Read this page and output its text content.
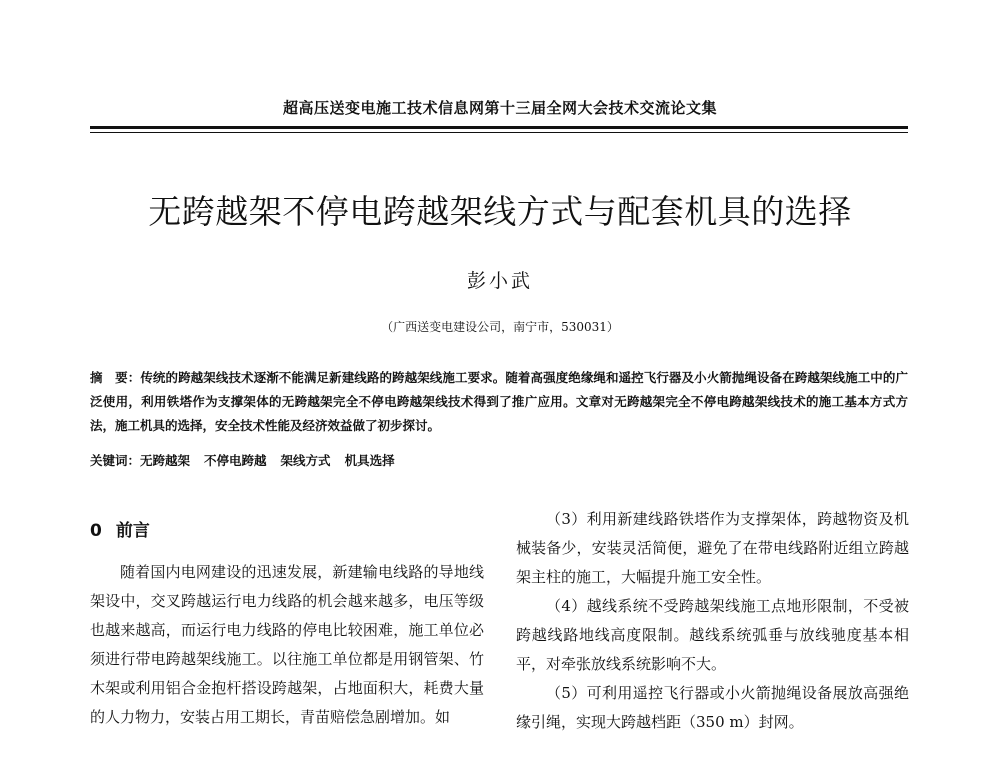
超高压送变电施工技术信息网第十三届全网大会技术交流论文集
无跨越架不停电跨越架线方式与配套机具的选择
彭小武
（广西送变电建设公司，南宁市，530031）
摘　要：传统的跨越架线技术逐渐不能满足新建线路的跨越架线施工要求。随着高强度绝缘绳和遥控飞行器及小火箭抛绳设备在跨越架线施工中的广泛使用，利用铁塔作为支撑架体的无跨越架完全不停电跨越架线技术得到了推广应用。文章对无跨越架完全不停电跨越架线技术的施工基本方式方法，施工机具的选择，安全技术性能及经济效益做了初步探讨。
关键词：无跨越架 不停电跨越 架线方式 机具选择
0 前言

随着国内电网建设的迅速发展，新建输电线路的导地线架设中，交叉跨越运行电力线路的机会越来越多，电压等级也越来越高，而运行电力线路的停电比较困难，施工单位必须进行带电跨越架线施工。以往施工单位都是用钢管架、竹木架或利用铝合金抱杆搭设跨越架，占地面积大，耗费大量的人力物力，安装占用工期长，青苗赔偿急剧增加。如

（3）利用新建线路铁塔作为支撑架体，跨越物资及机械装备少，安装灵活简便，避免了在带电线路附近组立跨越架主柱的施工，大幅提升施工安全性。

（4）越线系统不受跨越架线施工点地形限制，不受被跨越线路地线高度限制。越线系统弧垂与放线驰度基本相平，对牵张放线系统影响不大。

（5）可利用遥控飞行器或小火箭抛绳设备展放高强绝缘引绳，实现大跨越档距（350 m）封网。
